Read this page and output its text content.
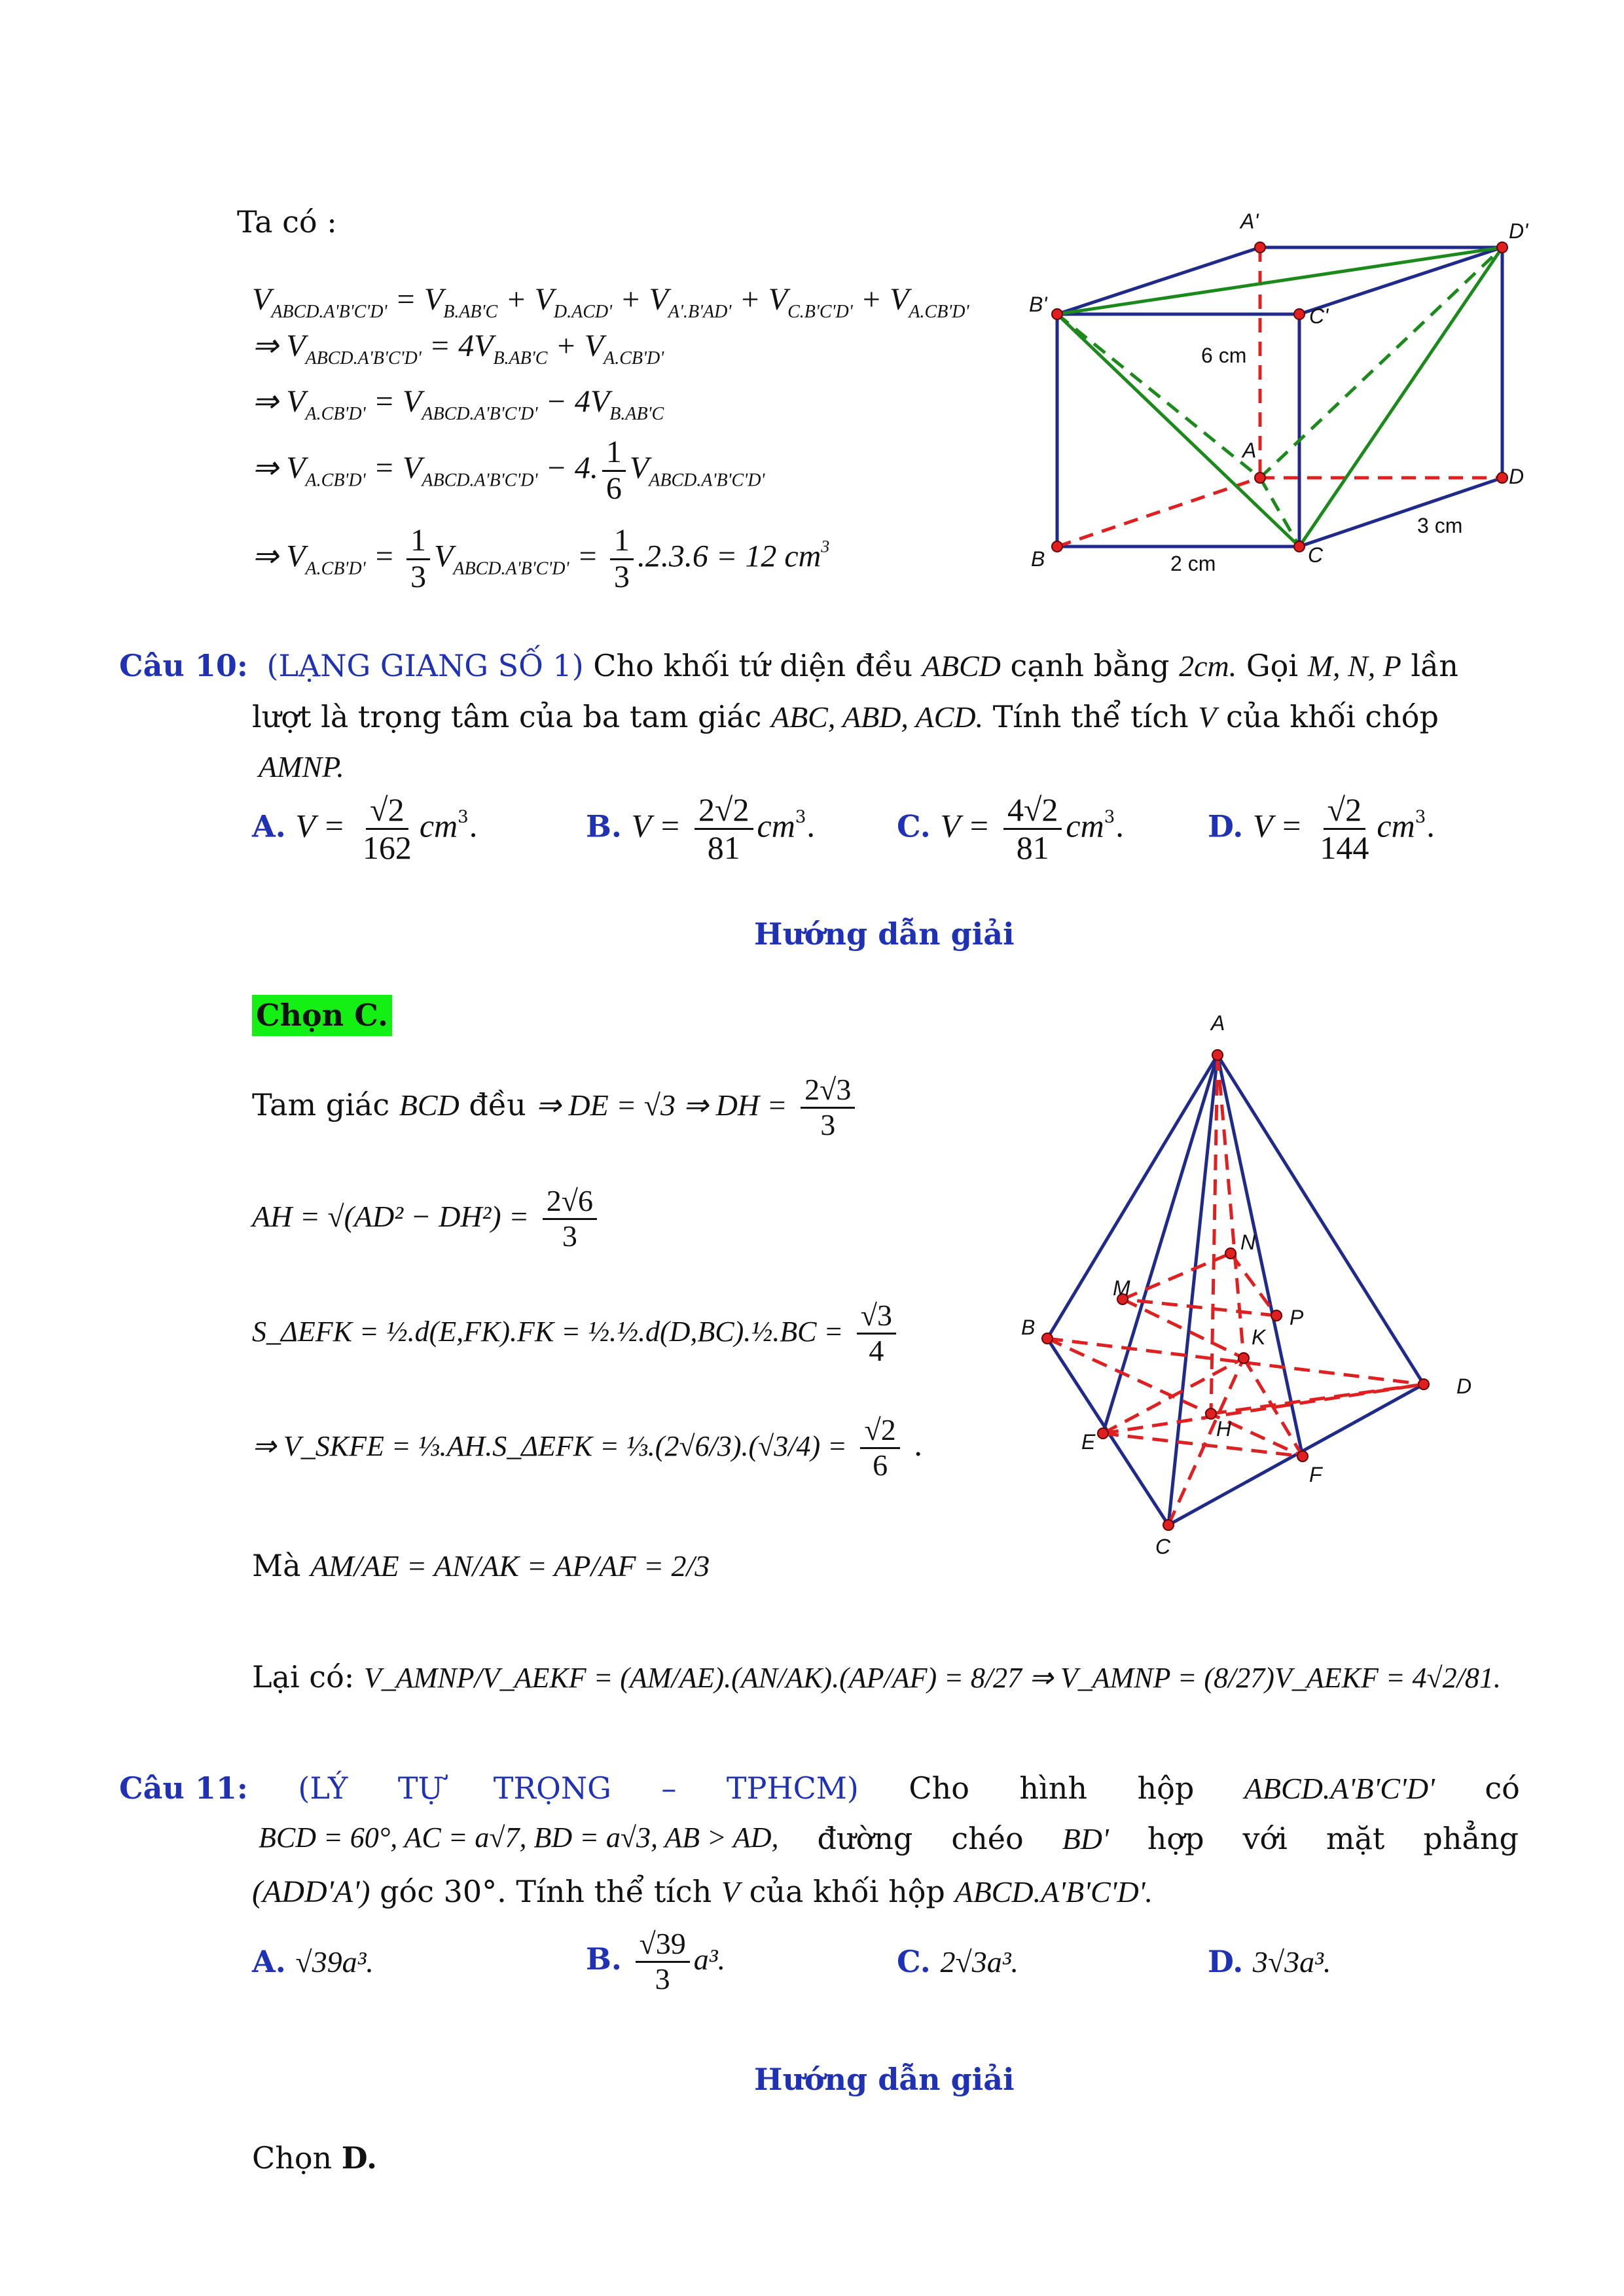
Ta có :
$V_{ABCD.A'B'C'D'} = V_{B.AB'C} + V_{D.ACD'} + V_{A'.B'AD'} + V_{C.B'C'D'} + V_{A.CB'D'}$
⇒ $V_{ABCD.A'B'C'D'} = 4V_{B.AB'C} + V_{A.CB'D'}$
⇒ $V_{A.CB'D'} = V_{ABCD.A'B'C'D'} - 4V_{B.AB'C}$
⇒ $V_{A.CB'D'} = V_{ABCD.A'B'C'D'} - 4$. $\frac{1}{6} V_{ABCD.A'B'C'D'}$
⇒ $V_{A.CB'D'} = \frac{1}{3} V_{ABCD.A'B'C'D'} = \frac{1}{3} .2.3.6 = 12$ $cm^3$
A'	D'
B'	C'
A
D
B	C
6 cm
3 cm
2 cm
Câu 10: (LẠNG GIANG SỐ 1) Cho khối tứ diện đều ABCD cạnh bằng 2cm. Gọi M, N, P lần
lượt là trọng tâm của ba tam giác ABC, ABD, ACD. Tính thể tích V của khối chóp
AMNP.
A. $V = \frac{√2}{162} cm^3$.	B. $V = \frac{2√2}{81} cm^3$.	C. $V = \frac{4√2}{81} cm^3$.	D. $V = \frac{√2}{144} cm^3$.
Hướng dẫn giải
Chọn C.
Tam giác BCD đều ⇒ DE = √3 ⇒ DH = $\frac{2√3}{3}$
AH = $√(AD^2 - DH^2) = \frac{2√6}{3}$
S_ΔEFK = ½.d(E,FK).FK = ½.½.d(D,BC).½.BC = $\frac{√3}{4}$
⇒ V_SKFE = ⅓.AH.S_ΔEFK = ⅓.(2√6/3).(√3/4) = $\frac{√2}{6}$ .
Mà AM/AE = AN/AK = AP/AF = 2/3
Lại có: V_AMNP/V_AEKF = (AM/AE).(AN/AK).(AP/AF) = 8/27 ⇒ V_AMNP = (8/27)V_AEKF = 4√2/81.
A
B
D
C
E
F
H
K
M
N
P
Câu 11: (LÝ TỰ TRỌNG – TPHCM) Cho hình hộp ABCD.A'B'C'D' có
BCD = 60°, AC = a√7, BD = a√3, AB > AD, đường chéo BD' hợp với mặt phẳng
(ADD'A') góc 30°. Tính thể tích V của khối hộp ABCD.A'B'C'D'.
A. √39a³.	B. $\frac{√39}{3} a^3$.	C. 2√3a³.	D. 3√3a³.
Hướng dẫn giải
Chọn D.
